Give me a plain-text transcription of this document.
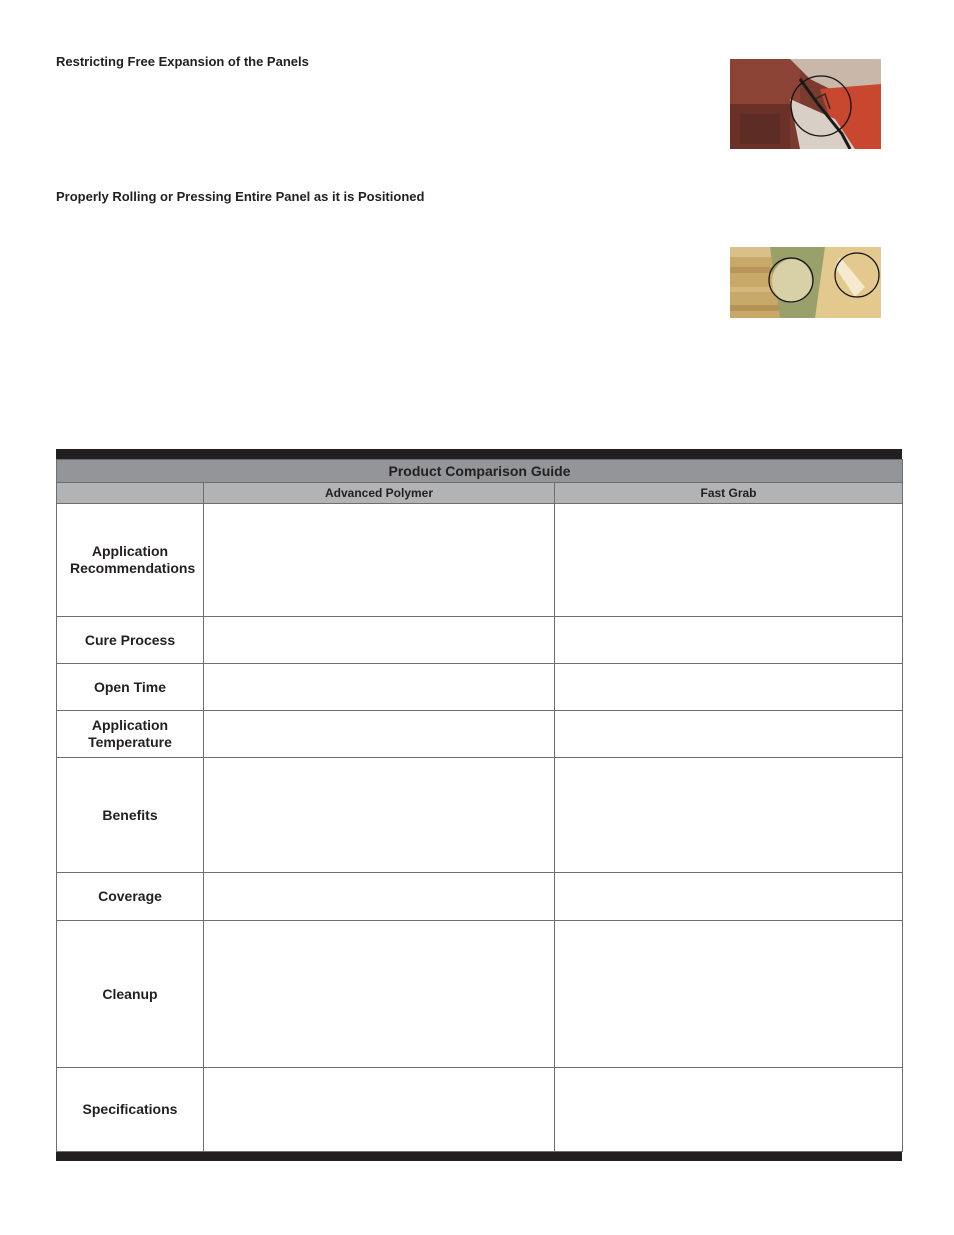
Restricting Free Expansion of the Panels
Properly Rolling or Pressing Entire Panel as it is Positioned
Product Comparison Guide		
	Advanced Polymer	Fast Grab
Application Recommendations		
Cure Process		
Open Time		
Application Temperature		
Benefits		
Coverage		
Cleanup		
Specifications		
